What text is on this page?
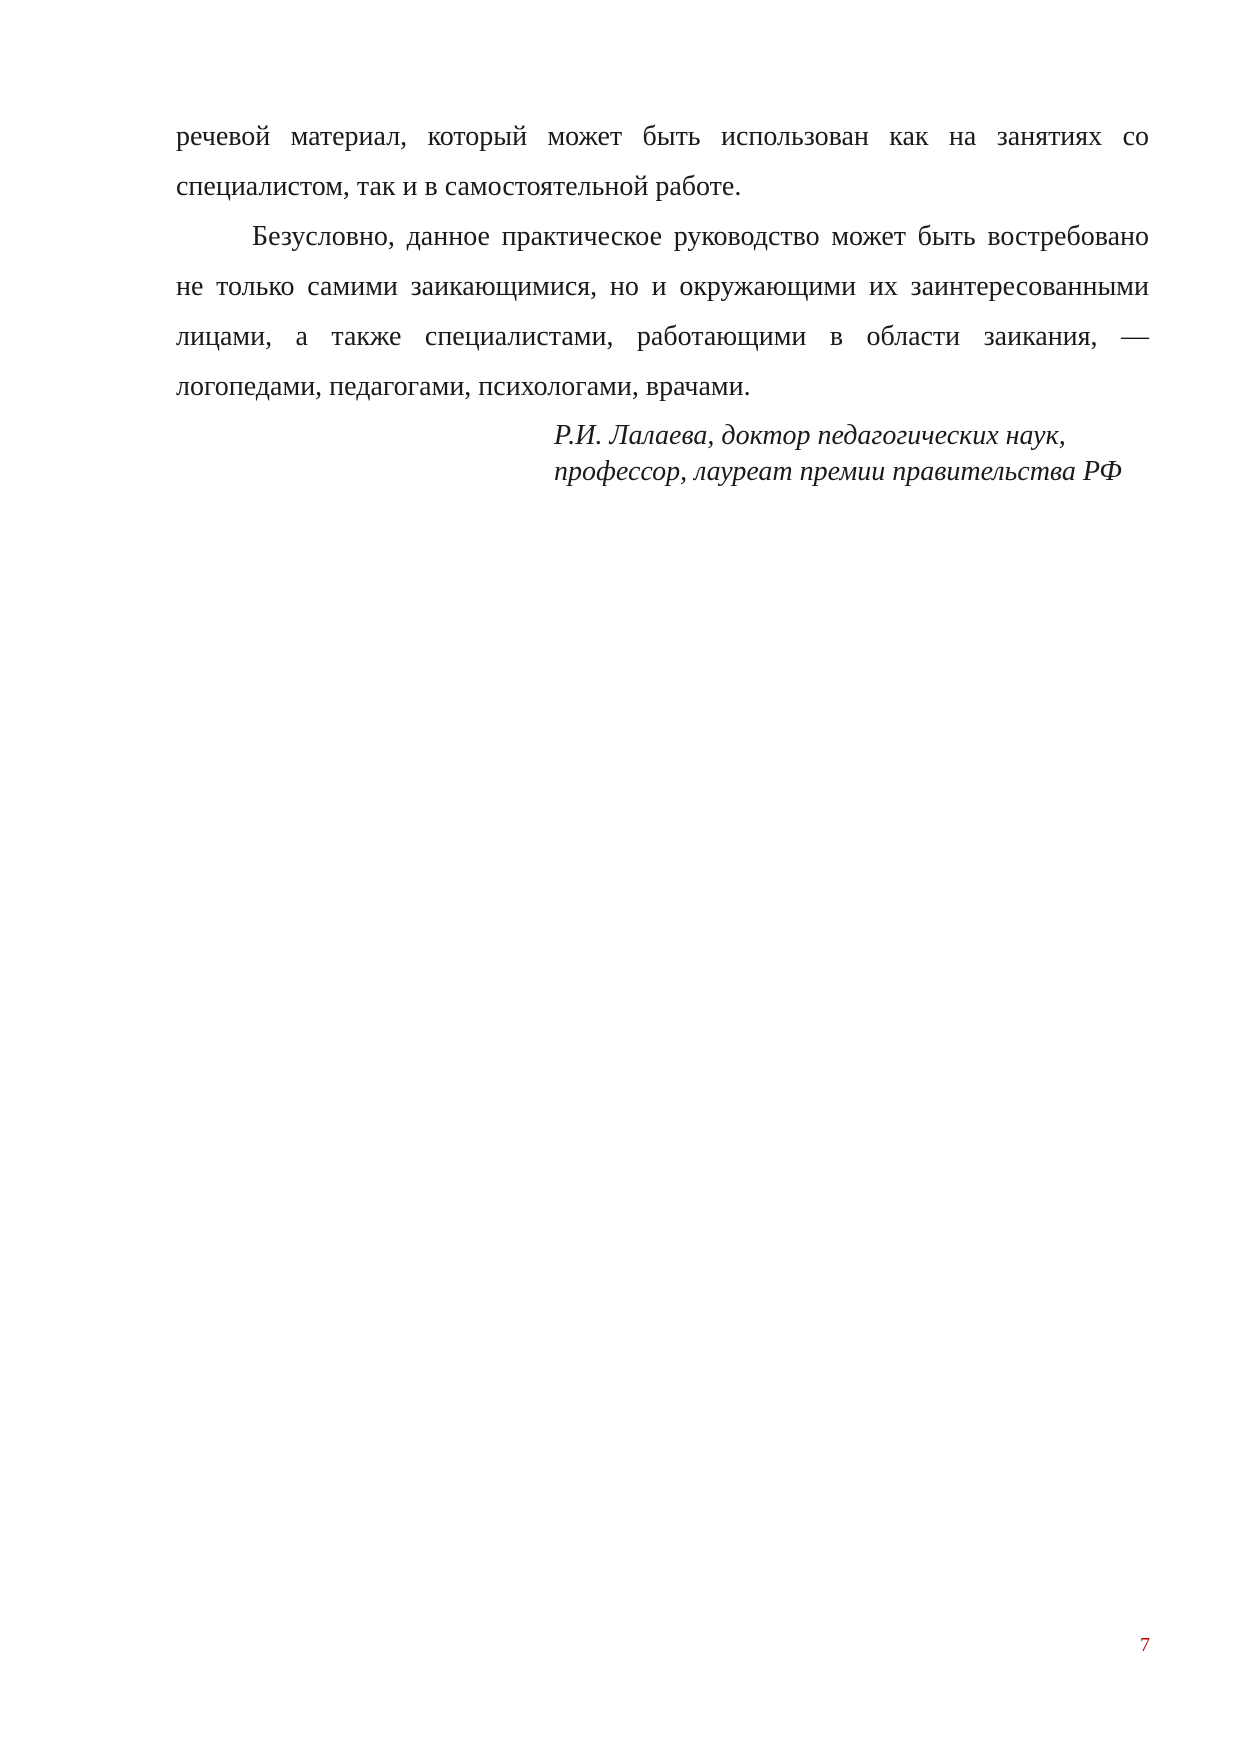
речевой материал, который может быть использован как на занятиях со специалистом, так и в самостоятельной работе.

Безусловно, данное практическое руководство может быть востребовано не только самими заикающимися, но и окружающими их заинтересованными лицами, а также специалистами, работающими в области заикания, — логопедами, педагогами, психологами, врачами.

Р.И. Лалаева, доктор педагогических наук,
профессор, лауреат премии правительства РФ
7
